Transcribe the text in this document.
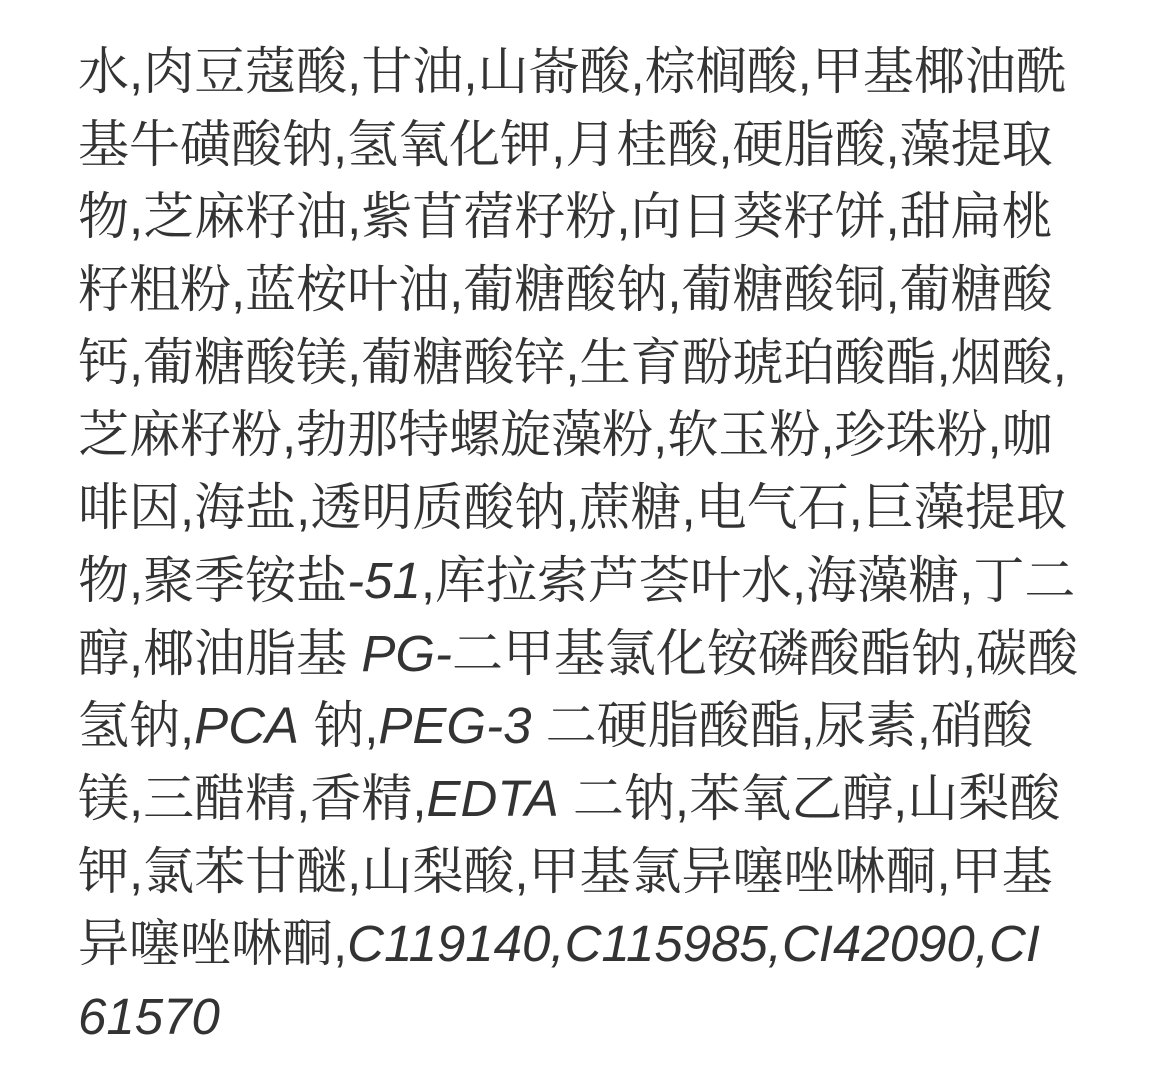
水,肉豆蔻酸,甘油,山嵛酸,棕榈酸,甲基椰油酰

基牛磺酸钠,氢氧化钾,月桂酸,硬脂酸,藻提取

物,芝麻籽油,紫苜蓿籽粉,向日葵籽饼,甜扁桃

籽粗粉,蓝桉叶油,葡糖酸钠,葡糖酸铜,葡糖酸

钙,葡糖酸镁,葡糖酸锌,生育酚琥珀酸酯,烟酸,

芝麻籽粉,勃那特螺旋藻粉,软玉粉,珍珠粉,咖

啡因,海盐,透明质酸钠,蔗糖,电气石,巨藻提取

物,聚季铵盐-51,库拉索芦荟叶水,海藻糖,丁二

醇,椰油脂基 PG-二甲基氯化铵磷酸酯钠,碳酸

氢钠,PCA 钠,PEG-3 二硬脂酸酯,尿素,硝酸

镁,三醋精,香精,EDTA 二钠,苯氧乙醇,山梨酸

钾,氯苯甘醚,山梨酸,甲基氯异噻唑啉酮,甲基

异噻唑啉酮,C119140,C115985,CI42090,CI

61570
